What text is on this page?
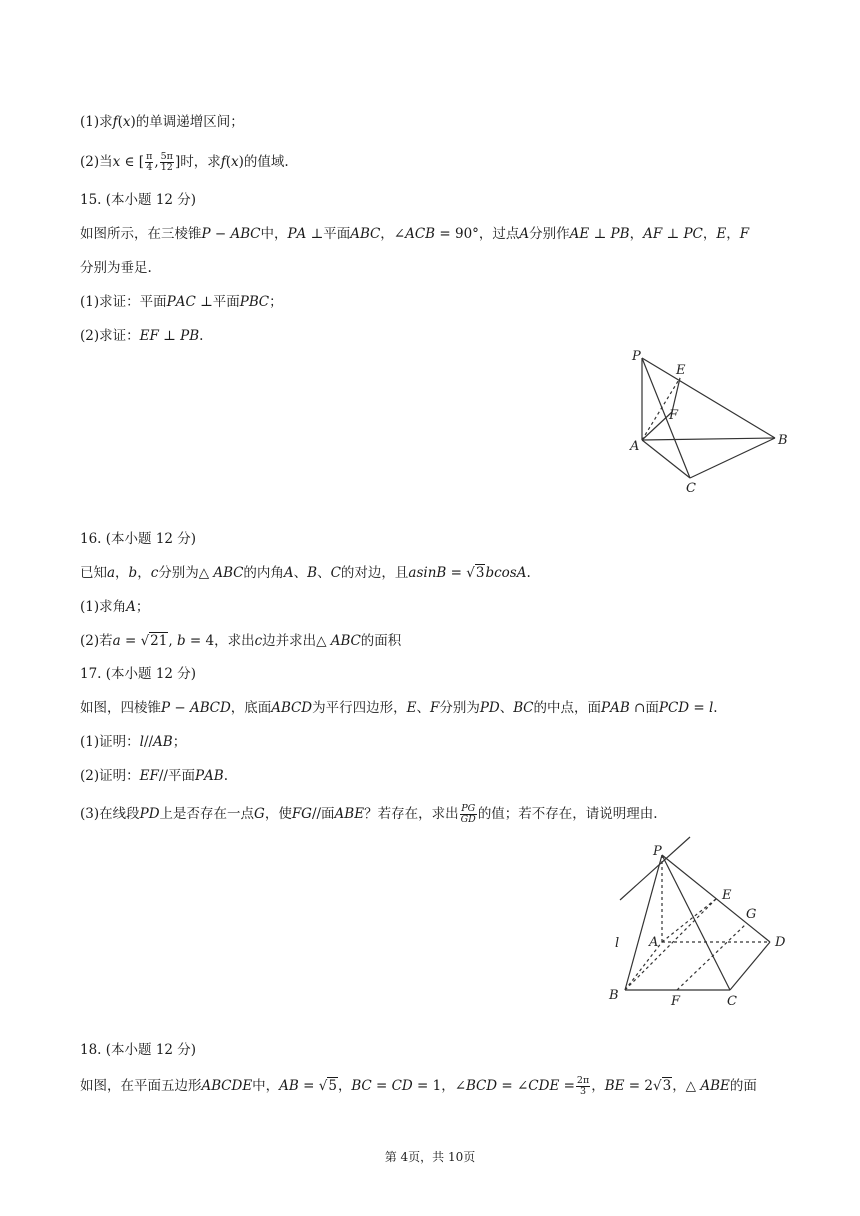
(1)求𝑓(𝑥)的单调递增区间；
(2)当𝑥 ∈ [ $\frac{\pi}{4}$ , $\frac{5\pi}{12}$ ]时，求𝑓(𝑥)的值域.
15. (本小题 12 分)
如图所示，在三棱锥𝑃 − 𝐴𝐵𝐶中，𝑃𝐴 ⊥平面𝐴𝐵𝐶，∠𝐴𝐶𝐵 = 90°，过点𝐴分别作𝐴𝐸 ⊥ 𝑃𝐵，𝐴𝐹 ⊥ 𝑃𝐶，𝐸，𝐹
分别为垂足.
(1)求证：平面𝑃𝐴𝐶 ⊥平面𝑃𝐵𝐶；
(2)求证：𝐸𝐹 ⊥ 𝑃𝐵.
P
E
F
A	B
C
16. (本小题 12 分)
已知𝑎，𝑏，𝑐分别为△ 𝐴𝐵𝐶的内角𝐴、𝐵、𝐶的对边，且𝑎𝑠𝑖𝑛𝐵 = √3𝑏𝑐𝑜𝑠𝐴.
(1)求角𝐴；
(2)若𝑎 = √21, 𝑏 = 4，求出𝑐边并求出△ 𝐴𝐵𝐶的面积
17. (本小题 12 分)
如图，四棱锥𝑃 − 𝐴𝐵𝐶𝐷，底面𝐴𝐵𝐶𝐷为平行四边形，𝐸、𝐹分别为𝑃𝐷、𝐵𝐶的中点，面𝑃𝐴𝐵 ∩面𝑃𝐶𝐷 = 𝑙.
(1)证明：𝑙//𝐴𝐵；
(2)证明：𝐸𝐹//平面𝑃𝐴𝐵.
(3)在线段𝑃𝐷上是否存在一点𝐺，使𝐹𝐺//面𝐴𝐵𝐸？若存在，求出 $\frac{PG}{GD}$ 的值；若不存在，请说明理由.
P
l
E
G
A	D
B	F	C
18. (本小题 12 分)
如图，在平面五边形𝐴𝐵𝐶𝐷𝐸中，𝐴𝐵 = √5，𝐵𝐶 = 𝐶𝐷 = 1，∠𝐵𝐶𝐷 = ∠𝐶𝐷𝐸 = $\frac{2\pi}{3}$ ，𝐵𝐸 = 2√3，△ 𝐴𝐵𝐸的面
第 4页，共 10页
